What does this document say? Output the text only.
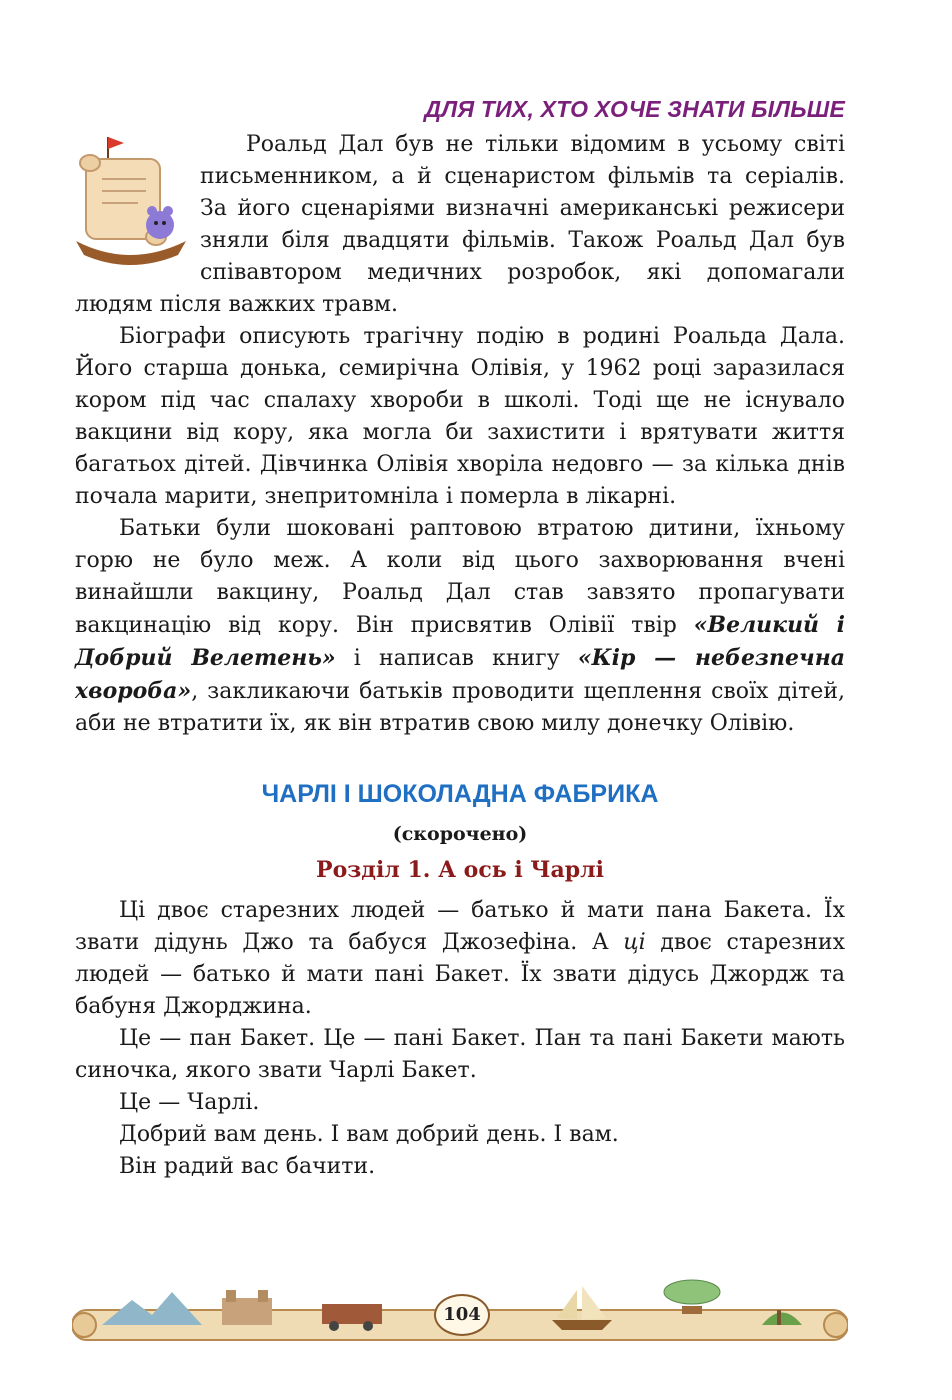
ДЛЯ ТИХ, ХТО ХОЧЕ ЗНАТИ БІЛЬШЕ

Роальд Дал був не тільки відомим в усьому світі письменником, а й сценаристом фільмів та серіалів. За його сценаріями визначні американські режисери зняли біля двадцяти фільмів. Також Роальд Дал був співавтором медичних розробок, які допомагали людям після важких травм.

Біографи описують трагічну подію в родині Роальда Дала. Його старша донька, семирічна Олівія, у 1962 році заразилася кором під час спалаху хвороби в школі. Тоді ще не існувало вакцини від кору, яка могла би захистити і врятувати життя багатьох дітей. Дівчинка Олівія хворіла недовго — за кілька днів почала марити, знепритомніла і померла в лікарні.

Батьки були шоковані раптовою втратою дитини, їхньому горю не було меж. А коли від цього захворювання вчені винайшли вакцину, Роальд Дал став завзято пропагувати вакцинацію від кору. Він присвятив Олівії твір «Великий і Добрий Велетень» і написав книгу «Кір — небезпечна хвороба», закликаючи батьків проводити щеплення своїх дітей, аби не втратити їх, як він втратив свою милу донечку Олівію.

ЧАРЛІ І ШОКОЛАДНА ФАБРИКА
(скорочено)
Розділ 1. А ось і Чарлі

Ці двоє старезних людей — батько й мати пана Бакета. Їх звати дідунь Джо та бабуся Джозефіна. А ці двоє старезних людей — батько й мати пані Бакет. Їх звати дідусь Джордж та бабуня Джорджина.

Це — пан Бакет. Це — пані Бакет. Пан та пані Бакети мають синочка, якого звати Чарлі Бакет.

Це — Чарлі.

Добрий вам день. І вам добрий день. І вам.

Він радий вас бачити.

104
